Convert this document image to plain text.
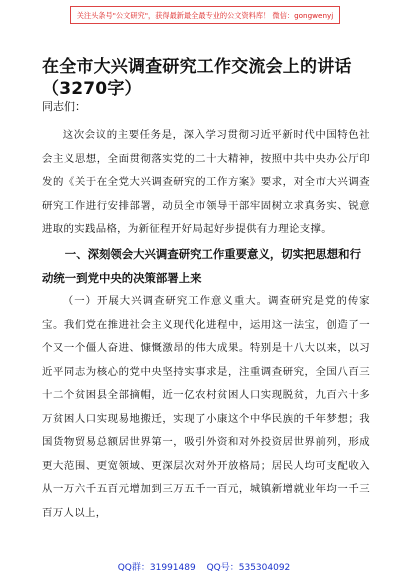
关注头条号"公文研究"，获得最新最全最专业的公文资料库！ 微信：gongwenyj
在全市大兴调查研究工作交流会上的讲话（3270字）
同志们：
这次会议的主要任务是，深入学习贯彻习近平新时代中国特色社会主义思想，全面贯彻落实党的二十大精神，按照中共中央办公厅印发的《关于在全党大兴调查研究的工作方案》要求，对全市大兴调查研究工作进行安排部署，动员全市领导干部牢固树立求真务实、锐意进取的实践品格，为新征程开好局起好步提供有力理论支撑。
一、深刻领会大兴调查研究工作重要意义，切实把思想和行动统一到党中央的决策部署上来
（一）开展大兴调查研究工作意义重大。调查研究是党的传家宝。我们党在推进社会主义现代化进程中，运用这一法宝，创造了一个又一个僵人奋进、慷慨激昂的伟大成果。特别是十八大以来，以习近平同志为核心的党中央坚持实事求是，注重调查研究，全国八百三十二个贫困县全部摘帽，近一亿农村贫困人口实现脱贫，九百六十多万贫困人口实现易地搬迁，实现了小康这个中华民族的千年梦想；我国货物贸易总额居世界第一，吸引外资和对外投资居世界前列，形成更大范围、更宽领域、更深层次对外开放格局；居民人均可支配收入从一万六千五百元增加到三万五千一百元，城镇新增就业年均一千三百万人以上，
QQ群：31991489 QQ号：535304092
